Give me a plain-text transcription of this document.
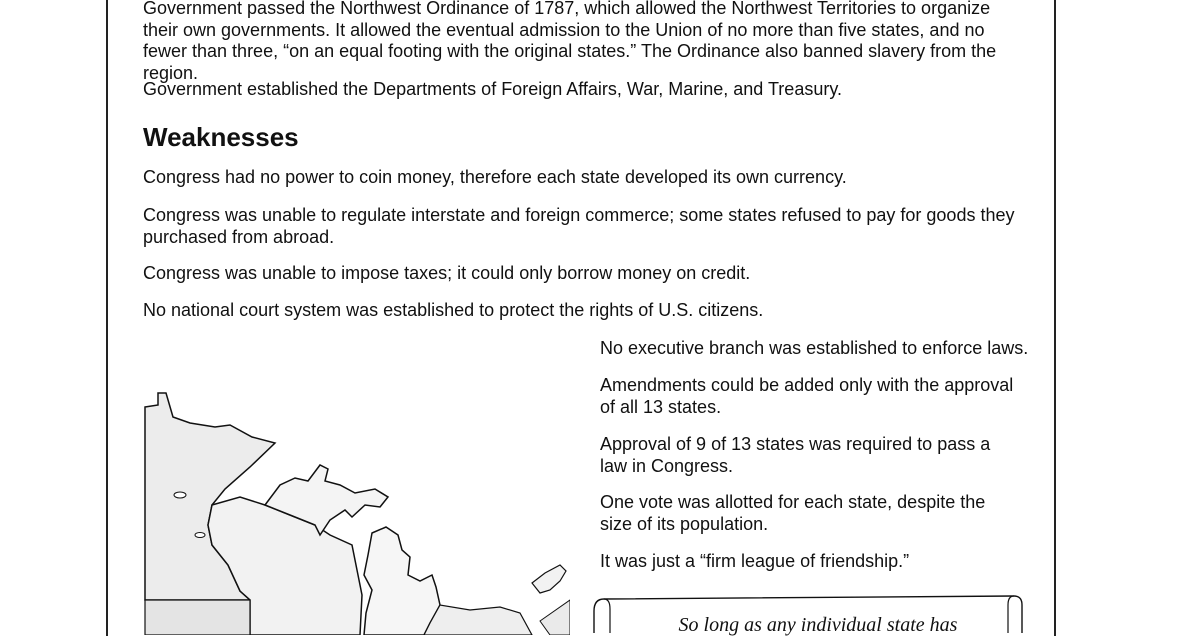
Government passed the Northwest Ordinance of 1787, which allowed the Northwest Territories to organize their own governments. It allowed the eventual admission to the Union of no more than five states, and no fewer than three, “on an equal footing with the original states.” The Ordinance also banned slavery from the region.

Government established the Departments of Foreign Affairs, War, Marine, and Treasury.

Weaknesses

Congress had no power to coin money, therefore each state developed its own currency.

Congress was unable to regulate interstate and foreign commerce; some states refused to pay for goods they purchased from abroad.

Congress was unable to impose taxes; it could only borrow money on credit.

No national court system was established to protect the rights of U.S. citizens.

No executive branch was established to enforce laws.

Amendments could be added only with the approval of all 13 states.

Approval of 9 of 13 states was required to pass a law in Congress.

One vote was allotted for each state, despite the size of its population.

It was just a “firm league of friendship.”

So long as any individual state has
